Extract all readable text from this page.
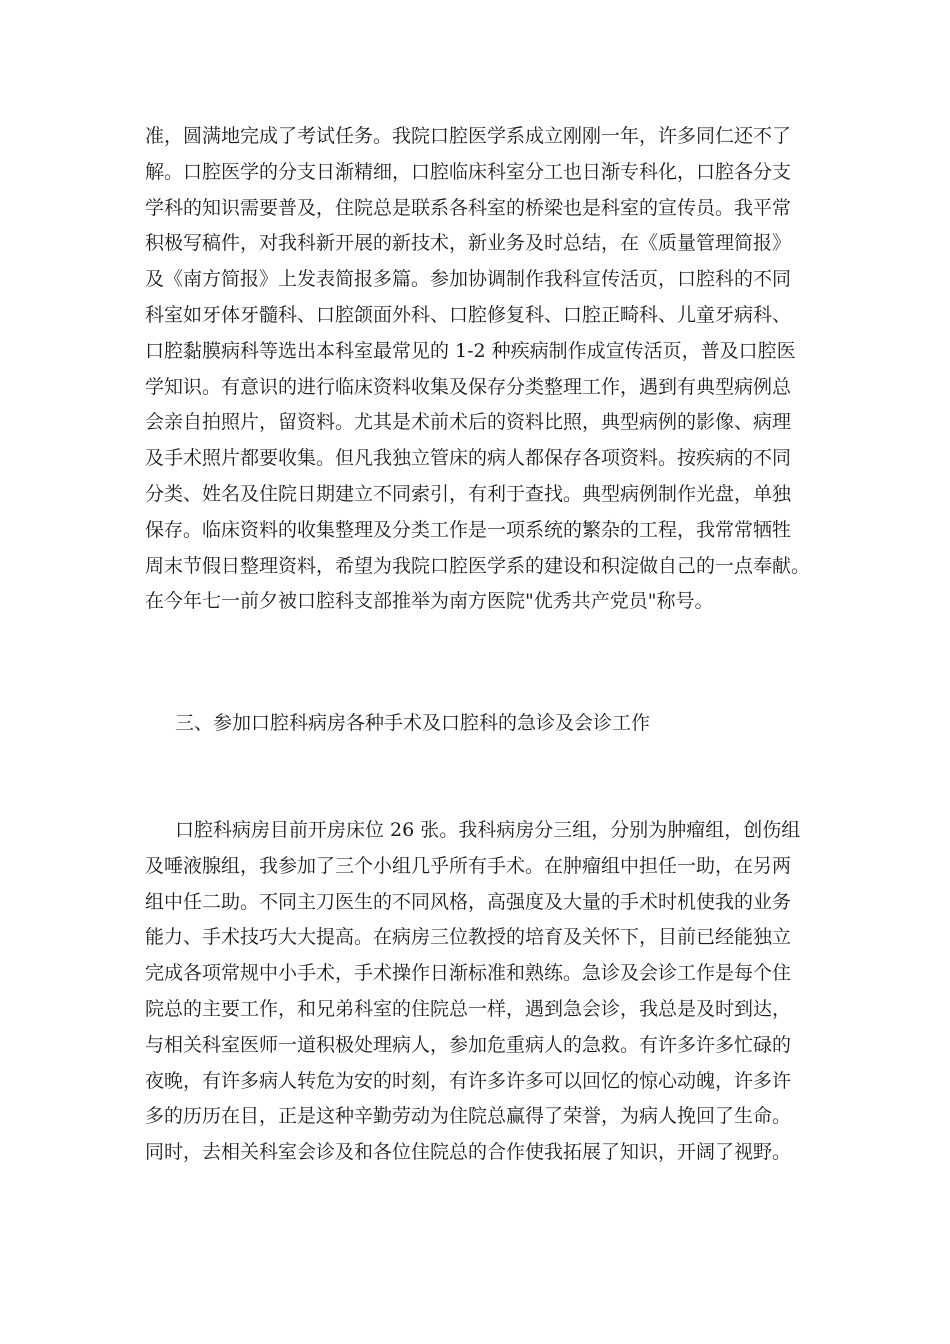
准，圆满地完成了考试任务。我院口腔医学系成立刚刚一年，许多同仁还不了
解。口腔医学的分支日渐精细，口腔临床科室分工也日渐专科化，口腔各分支
学科的知识需要普及，住院总是联系各科室的桥梁也是科室的宣传员。我平常
积极写稿件，对我科新开展的新技术，新业务及时总结，在《质量管理简报》
及《南方简报》上发表简报多篇。参加协调制作我科宣传活页，口腔科的不同
科室如牙体牙髓科、口腔颌面外科、口腔修复科、口腔正畸科、儿童牙病科、
口腔黏膜病科等选出本科室最常见的 1-2 种疾病制作成宣传活页，普及口腔医
学知识。有意识的进行临床资料收集及保存分类整理工作，遇到有典型病例总
会亲自拍照片，留资料。尤其是术前术后的资料比照，典型病例的影像、病理
及手术照片都要收集。但凡我独立管床的病人都保存各项资料。按疾病的不同
分类、姓名及住院日期建立不同索引，有利于查找。典型病例制作光盘，单独
保存。临床资料的收集整理及分类工作是一项系统的繁杂的工程，我常常牺牲
周末节假日整理资料，希望为我院口腔医学系的建设和积淀做自己的一点奉献。
在今年七一前夕被口腔科支部推举为南方医院"优秀共产党员"称号。
三、参加口腔科病房各种手术及口腔科的急诊及会诊工作
口腔科病房目前开房床位 26 张。我科病房分三组，分别为肿瘤组，创伤组
及唾液腺组，我参加了三个小组几乎所有手术。在肿瘤组中担任一助，在另两
组中任二助。不同主刀医生的不同风格，高强度及大量的手术时机使我的业务
能力、手术技巧大大提高。在病房三位教授的培育及关怀下，目前已经能独立
完成各项常规中小手术，手术操作日渐标准和熟练。急诊及会诊工作是每个住
院总的主要工作，和兄弟科室的住院总一样，遇到急会诊，我总是及时到达，
与相关科室医师一道积极处理病人，参加危重病人的急救。有许多许多忙碌的
夜晚，有许多病人转危为安的时刻，有许多许多可以回忆的惊心动魄，许多许
多的历历在目，正是这种辛勤劳动为住院总赢得了荣誉，为病人挽回了生命。
同时，去相关科室会诊及和各位住院总的合作使我拓展了知识，开阔了视野。
